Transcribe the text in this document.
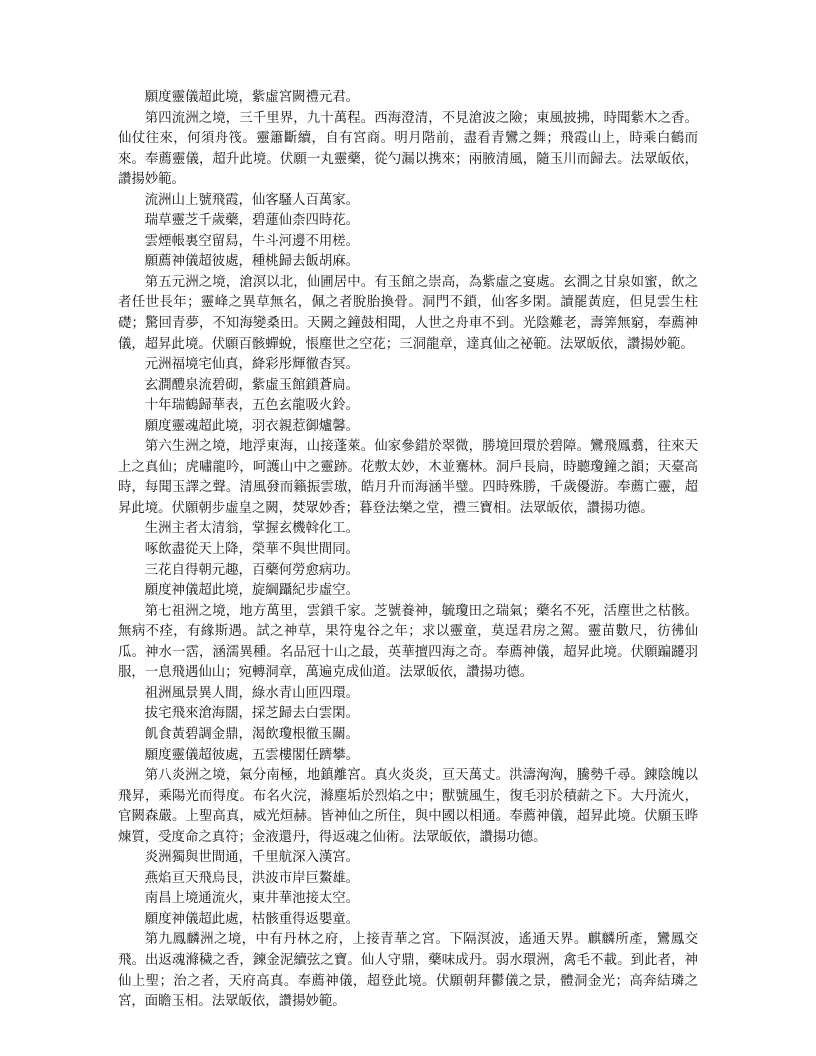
願度靈儀超此境，紫虛宮闕禮元君。

第四流洲之境，三千里界，九十萬程。西海澄清，不見滄波之險；東風披拂，時聞紫木之香。仙仗往來，何須舟筏。靈簫斷續，自有宮商。明月階前，盡看青鸞之舞；飛霞山上，時乘白鶴而來。奉薦靈儀，超升此境。伏願一丸靈藥，從勺漏以携來；兩腋清風，隨玉川而歸去。法眾皈依，讚揚妙範。

流洲山上號飛霞，仙客騷人百萬家。

瑞草靈芝千歲藥，碧蓮仙柰四時花。

雲煙帳裏空留舄，牛斗河邊不用槎。

願薦神儀超彼處，種桃歸去飯胡麻。

第五元洲之境，滄溟以北，仙圃居中。有玉館之崇高，為紫虛之宴處。玄澗之甘泉如蜜，飲之者任世長年；靈峰之異草無名，佩之者脫胎換骨。洞門不鎖，仙客多閑。讀罷黃庭，但見雲生柱礎；驚回青夢，不知海變桑田。天闕之鐘鼓相聞，人世之舟車不到。光陰難老，壽筭無窮，奉薦神儀，超昇此境。伏願百骸蟬蛻，悵塵世之空花；三洞龍章，達真仙之祕範。法眾皈依，讚揚妙範。

元洲福境宅仙真，絳彩彤輝徹杳冥。

玄澗醴泉流碧砌，紫虛玉館鎖蒼扃。

十年瑞鶴歸華表，五色玄龍吸火鈴。

願度靈魂超此境，羽衣親惹御爐馨。

第六生洲之境，地浮東海，山接蓬萊。仙家參錯於翠微，勝境回環於碧障。鸞飛鳳翥，往來天上之真仙；虎嘯龍吟，呵護山中之靈跡。花敷太妙，木並騫林。洞戶長扃，時聽瓊鐘之韻；天臺高時，每聞玉譯之聲。清風發而籟振雲璈，皓月升而海涵半璧。四時殊勝，千歲優游。奉薦亡靈，超昇此境。伏願朝步虛皇之闕，焚眾妙香；暮登法樂之堂，禮三寶相。法眾皈依，讚揚功德。

生洲主者太清翁，掌握玄機斡化工。

啄飲盡從天上降，榮華不與世間同。

三花自得朝元趣，百藥何勞愈病功。

願度神儀超此境，旋綱躡紀步虛空。

第七祖洲之境，地方萬里，雲鎖千家。芝號養神，毓瓊田之瑞氣；藥名不死，活塵世之枯骸。無病不痊，有緣斯遇。試之神草，果符鬼谷之年；求以靈童，莫逞君房之駕。靈苗數尺，彷彿仙瓜。神水一霑，涵濡異種。名品冠十山之最，英華擅四海之奇。奉薦神儀，超昇此境。伏願蹁躚羽服，一息飛遇仙山；宛轉洞章，萬遍克成仙道。法眾皈依，讚揚功德。

祖洲風景異人間，綠水青山匝四環。

拔宅飛來滄海闊，採芝歸去白雲閑。

飢食黃碧調金鼎，渴飲瓊根徹玉關。

願度靈儀超彼處，五雲樓閣任躋攀。

第八炎洲之境，氣分南極，地鎮離宮。真火炎炎，亘天萬丈。洪濤洶洶，騰勢千尋。錬陰魄以飛昇，乘陽光而得度。布名火浣，滌塵垢於烈焰之中；獸號風生，復毛羽於積薪之下。大丹流火，官闕森嚴。上聖高真，威光烜赫。皆神仙之所住，與中國以相通。奉薦神儀，超昇此境。伏願玉晔煉質，受度命之真符；金液還丹，得返魂之仙術。法眾皈依，讚揚功德。

炎洲獨與世間通，千里航深入漢宮。

燕焰亘天飛烏艮，洪波市岸巨鰲雄。

南昌上境通流火，東井華池接太空。

願度神儀超此處，枯骸重得返嬰童。

第九鳳麟洲之境，中有丹林之府，上接青華之宮。下隔溟波，遙通天界。麒麟所產，鸞鳳交飛。出返魂滌穢之香，鍊金泥續弦之寶。仙人守鼎，藥味成丹。弱水環洲，禽毛不載。到此者，神仙上聖；治之者，天府高真。奉薦神儀，超登此境。伏願朝拜鬱儀之景，體洞金光；高奔結璘之宮，面瞻玉相。法眾皈依，讚揚妙範。
